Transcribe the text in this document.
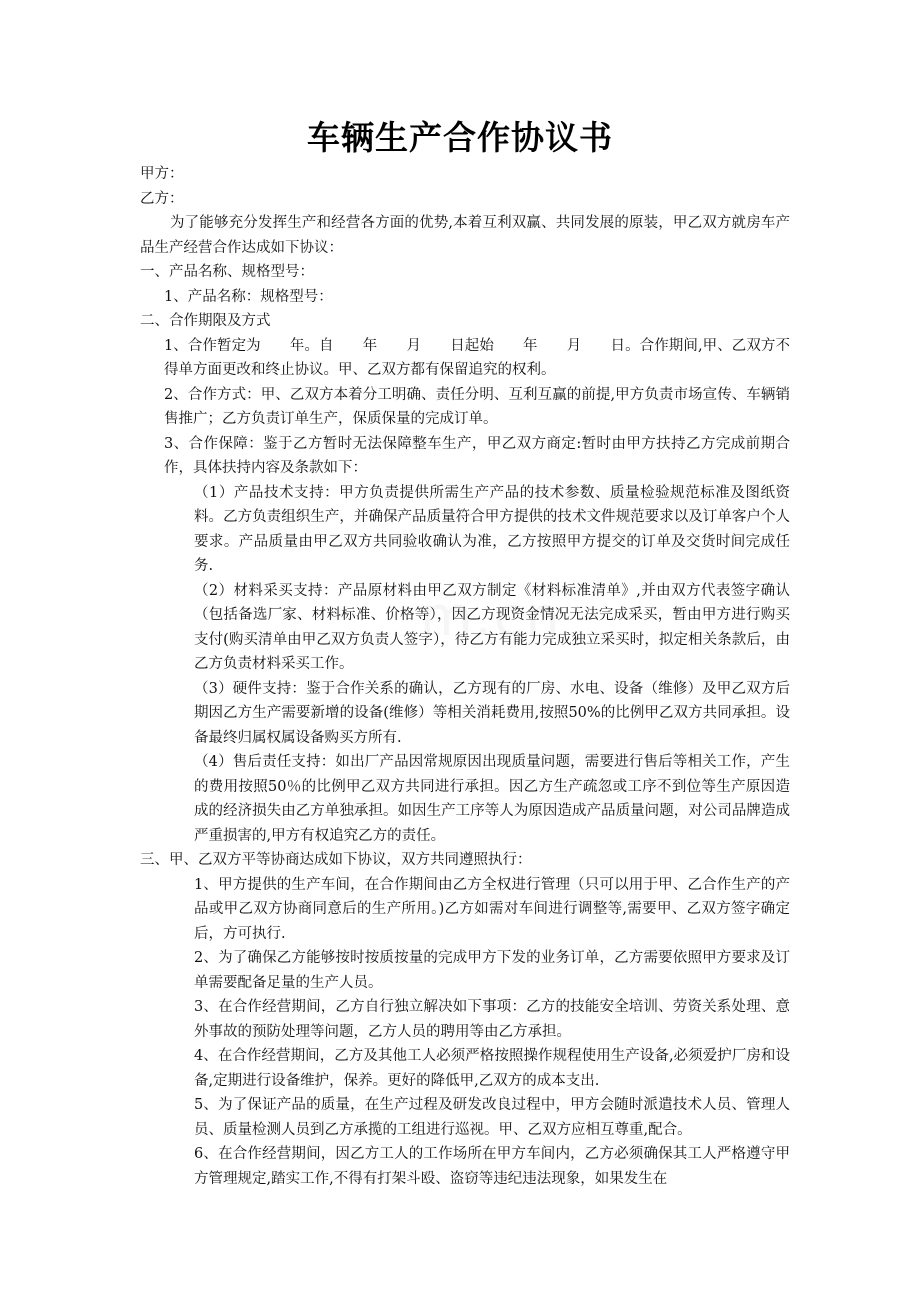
m.cn
车辆生产合作协议书

甲方：

乙方：

为了能够充分发挥生产和经营各方面的优势,本着互利双赢、共同发展的原装，甲乙双方就房车产品生产经营合作达成如下协议：

一、产品名称、规格型号：

1、产品名称：规格型号：

二、合作期限及方式

1、合作暂定为　　年。自　　年　　月　　日起始　　年　　月　　日。合作期间,甲、乙双方不得单方面更改和终止协议。甲、乙双方都有保留追究的权利。

2、合作方式：甲、乙双方本着分工明确、责任分明、互利互赢的前提,甲方负责市场宣传、车辆销售推广；乙方负责订单生产，保质保量的完成订单。

3、合作保障：鉴于乙方暂时无法保障整车生产，甲乙双方商定:暂时由甲方扶持乙方完成前期合作，具体扶持内容及条款如下：

（1）产品技术支持：甲方负责提供所需生产产品的技术参数、质量检验规范标准及图纸资料。乙方负责组织生产，并确保产品质量符合甲方提供的技术文件规范要求以及订单客户个人要求。产品质量由甲乙双方共同验收确认为准，乙方按照甲方提交的订单及交货时间完成任务.

（2）材料采买支持：产品原材料由甲乙双方制定《材料标准清单》,并由双方代表签字确认（包括备选厂家、材料标准、价格等），因乙方现资金情况无法完成采买，暂由甲方进行购买支付(购买清单由甲乙双方负责人签字），待乙方有能力完成独立采买时，拟定相关条款后，由乙方负责材料采买工作。

（3）硬件支持：鉴于合作关系的确认，乙方现有的厂房、水电、设备（维修）及甲乙双方后期因乙方生产需要新增的设备(维修）等相关消耗费用,按照50%的比例甲乙双方共同承担。设备最终归属权属设备购买方所有.

（4）售后责任支持：如出厂产品因常规原因出现质量问题，需要进行售后等相关工作，产生的费用按照50％的比例甲乙双方共同进行承担。因乙方生产疏忽或工序不到位等生产原因造成的经济损失由乙方单独承担。如因生产工序等人为原因造成产品质量问题，对公司品牌造成严重损害的,甲方有权追究乙方的责任。

三、甲、乙双方平等协商达成如下协议，双方共同遵照执行：

1、甲方提供的生产车间，在合作期间由乙方全权进行管理（只可以用于甲、乙合作生产的产品或甲乙双方协商同意后的生产所用。)乙方如需对车间进行调整等,需要甲、乙双方签字确定后，方可执行.

2、为了确保乙方能够按时按质按量的完成甲方下发的业务订单，乙方需要依照甲方要求及订单需要配备足量的生产人员。

3、在合作经营期间，乙方自行独立解决如下事项：乙方的技能安全培训、劳资关系处理、意外事故的预防处理等问题，乙方人员的聘用等由乙方承担。

4、在合作经营期间，乙方及其他工人必须严格按照操作规程使用生产设备,必须爱护厂房和设备,定期进行设备维护，保养。更好的降低甲,乙双方的成本支出.

5、为了保证产品的质量，在生产过程及研发改良过程中，甲方会随时派遣技术人员、管理人员、质量检测人员到乙方承揽的工组进行巡视。甲、乙双方应相互尊重,配合。

6、在合作经营期间，因乙方工人的工作场所在甲方车间内，乙方必须确保其工人严格遵守甲方管理规定,踏实工作,不得有打架斗殴、盗窃等违纪违法现象，如果发生在
